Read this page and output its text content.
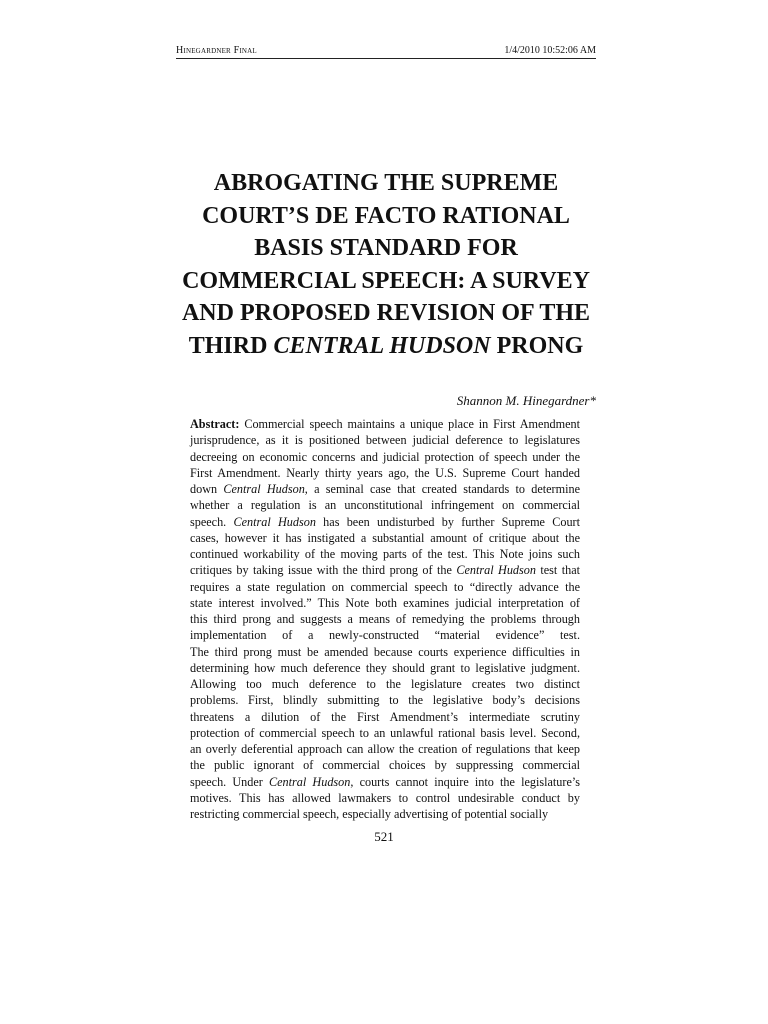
Hinegardner Final	1/4/2010 10:52:06 AM
ABROGATING THE SUPREME
COURT’S DE FACTO RATIONAL
BASIS STANDARD FOR
COMMERCIAL SPEECH: A SURVEY
AND PROPOSED REVISION OF THE
THIRD CENTRAL HUDSON PRONG
Shannon M. Hinegardner*
Abstract: Commercial speech maintains a unique place in First Amendment
jurisprudence, as it is positioned between judicial deference to legislatures
decreeing on economic concerns and judicial protection of speech under the
First Amendment. Nearly thirty years ago, the U.S. Supreme Court handed
down Central Hudson, a seminal case that created standards to determine
whether a regulation is an unconstitutional infringement on commercial
speech. Central Hudson has been undisturbed by further Supreme Court
cases, however it has instigated a substantial amount of critique about the
continued workability of the moving parts of the test. This Note joins such
critiques by taking issue with the third prong of the Central Hudson test that
requires a state regulation on commercial speech to “directly advance the
state interest involved.” This Note both examines judicial interpretation of
this third prong and suggests a means of remedying the problems through
implementation of a newly-constructed “material evidence” test.
The third prong must be amended because courts experience difficulties in
determining how much deference they should grant to legislative judgment.
Allowing too much deference to the legislature creates two distinct
problems. First, blindly submitting to the legislative body’s decisions
threatens a dilution of the First Amendment’s intermediate scrutiny
protection of commercial speech to an unlawful rational basis level. Second,
an overly deferential approach can allow the creation of regulations that keep
the public ignorant of commercial choices by suppressing commercial
speech. Under Central Hudson, courts cannot inquire into the legislature’s
motives. This has allowed lawmakers to control undesirable conduct by
restricting commercial speech, especially advertising of potential socially
521
